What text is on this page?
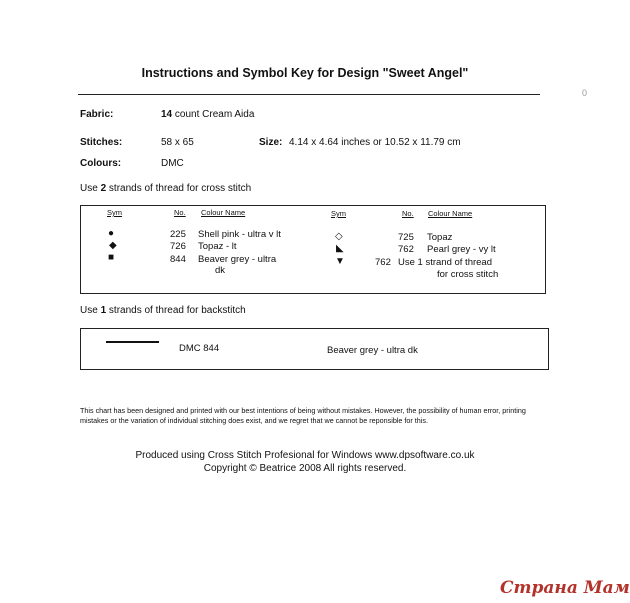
Instructions and Symbol Key for Design "Sweet Angel"
0
Fabric:	14 count Cream Aida
Stitches:	58 x 65	Size: 4.14 x 4.64 inches or 10.52 x 11.79 cm
Colours:	DMC
Use 2 strands of thread for cross stitch
Sym	No. Colour Name	Sym	No. Colour Name
●	225 Shell pink - ultra v lt
◆	726 Topaz - lt
■	844 Beaver grey - ultra
dk
◇	725 Topaz
◣	762 Pearl grey - vy lt
▼	762 Use 1 strand of thread
for cross stitch
Use 1 strands of thread for backstitch
DMC 844	Beaver grey - ultra dk
This chart has been designed and printed with our best intentions of being without mistakes. However, the possibility of human error, printing mistakes or the variation of individual stitching does exist, and we regret that we cannot be reponsible for this.
Produced using Cross Stitch Profesional for Windows www.dpsoftware.co.uk
Copyright © Beatrice 2008 All rights reserved.
Страна Мам
